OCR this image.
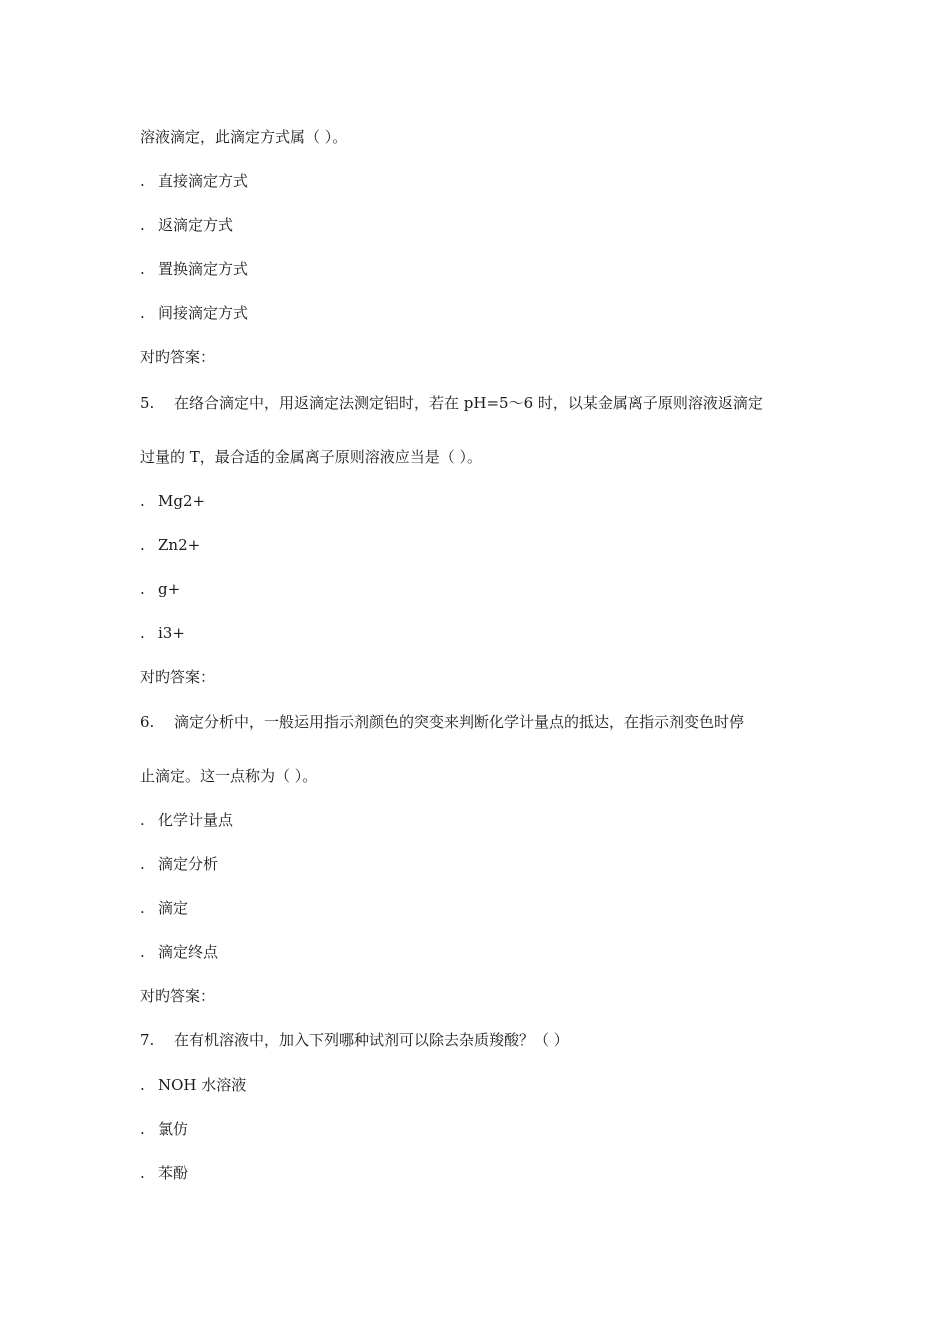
溶液滴定，此滴定方式属（ ）。
. 直接滴定方式
. 返滴定方式
. 置换滴定方式
. 间接滴定方式
对旳答案：
5. 在络合滴定中，用返滴定法测定铝时，若在 pH=5～6 时，以某金属离子原则溶液返滴定
过量的 T，最合适的金属离子原则溶液应当是（ ）。
. Mg2+
. Zn2+
. g+
. i3+
对旳答案：
6. 滴定分析中，一般运用指示剂颜色的突变来判断化学计量点的抵达，在指示剂变色时停
止滴定。这一点称为（ ）。
. 化学计量点
. 滴定分析
. 滴定
. 滴定终点
对旳答案：
7. 在有机溶液中，加入下列哪种试剂可以除去杂质羧酸？（ ）
. NOH 水溶液
. 氯仿
. 苯酚
